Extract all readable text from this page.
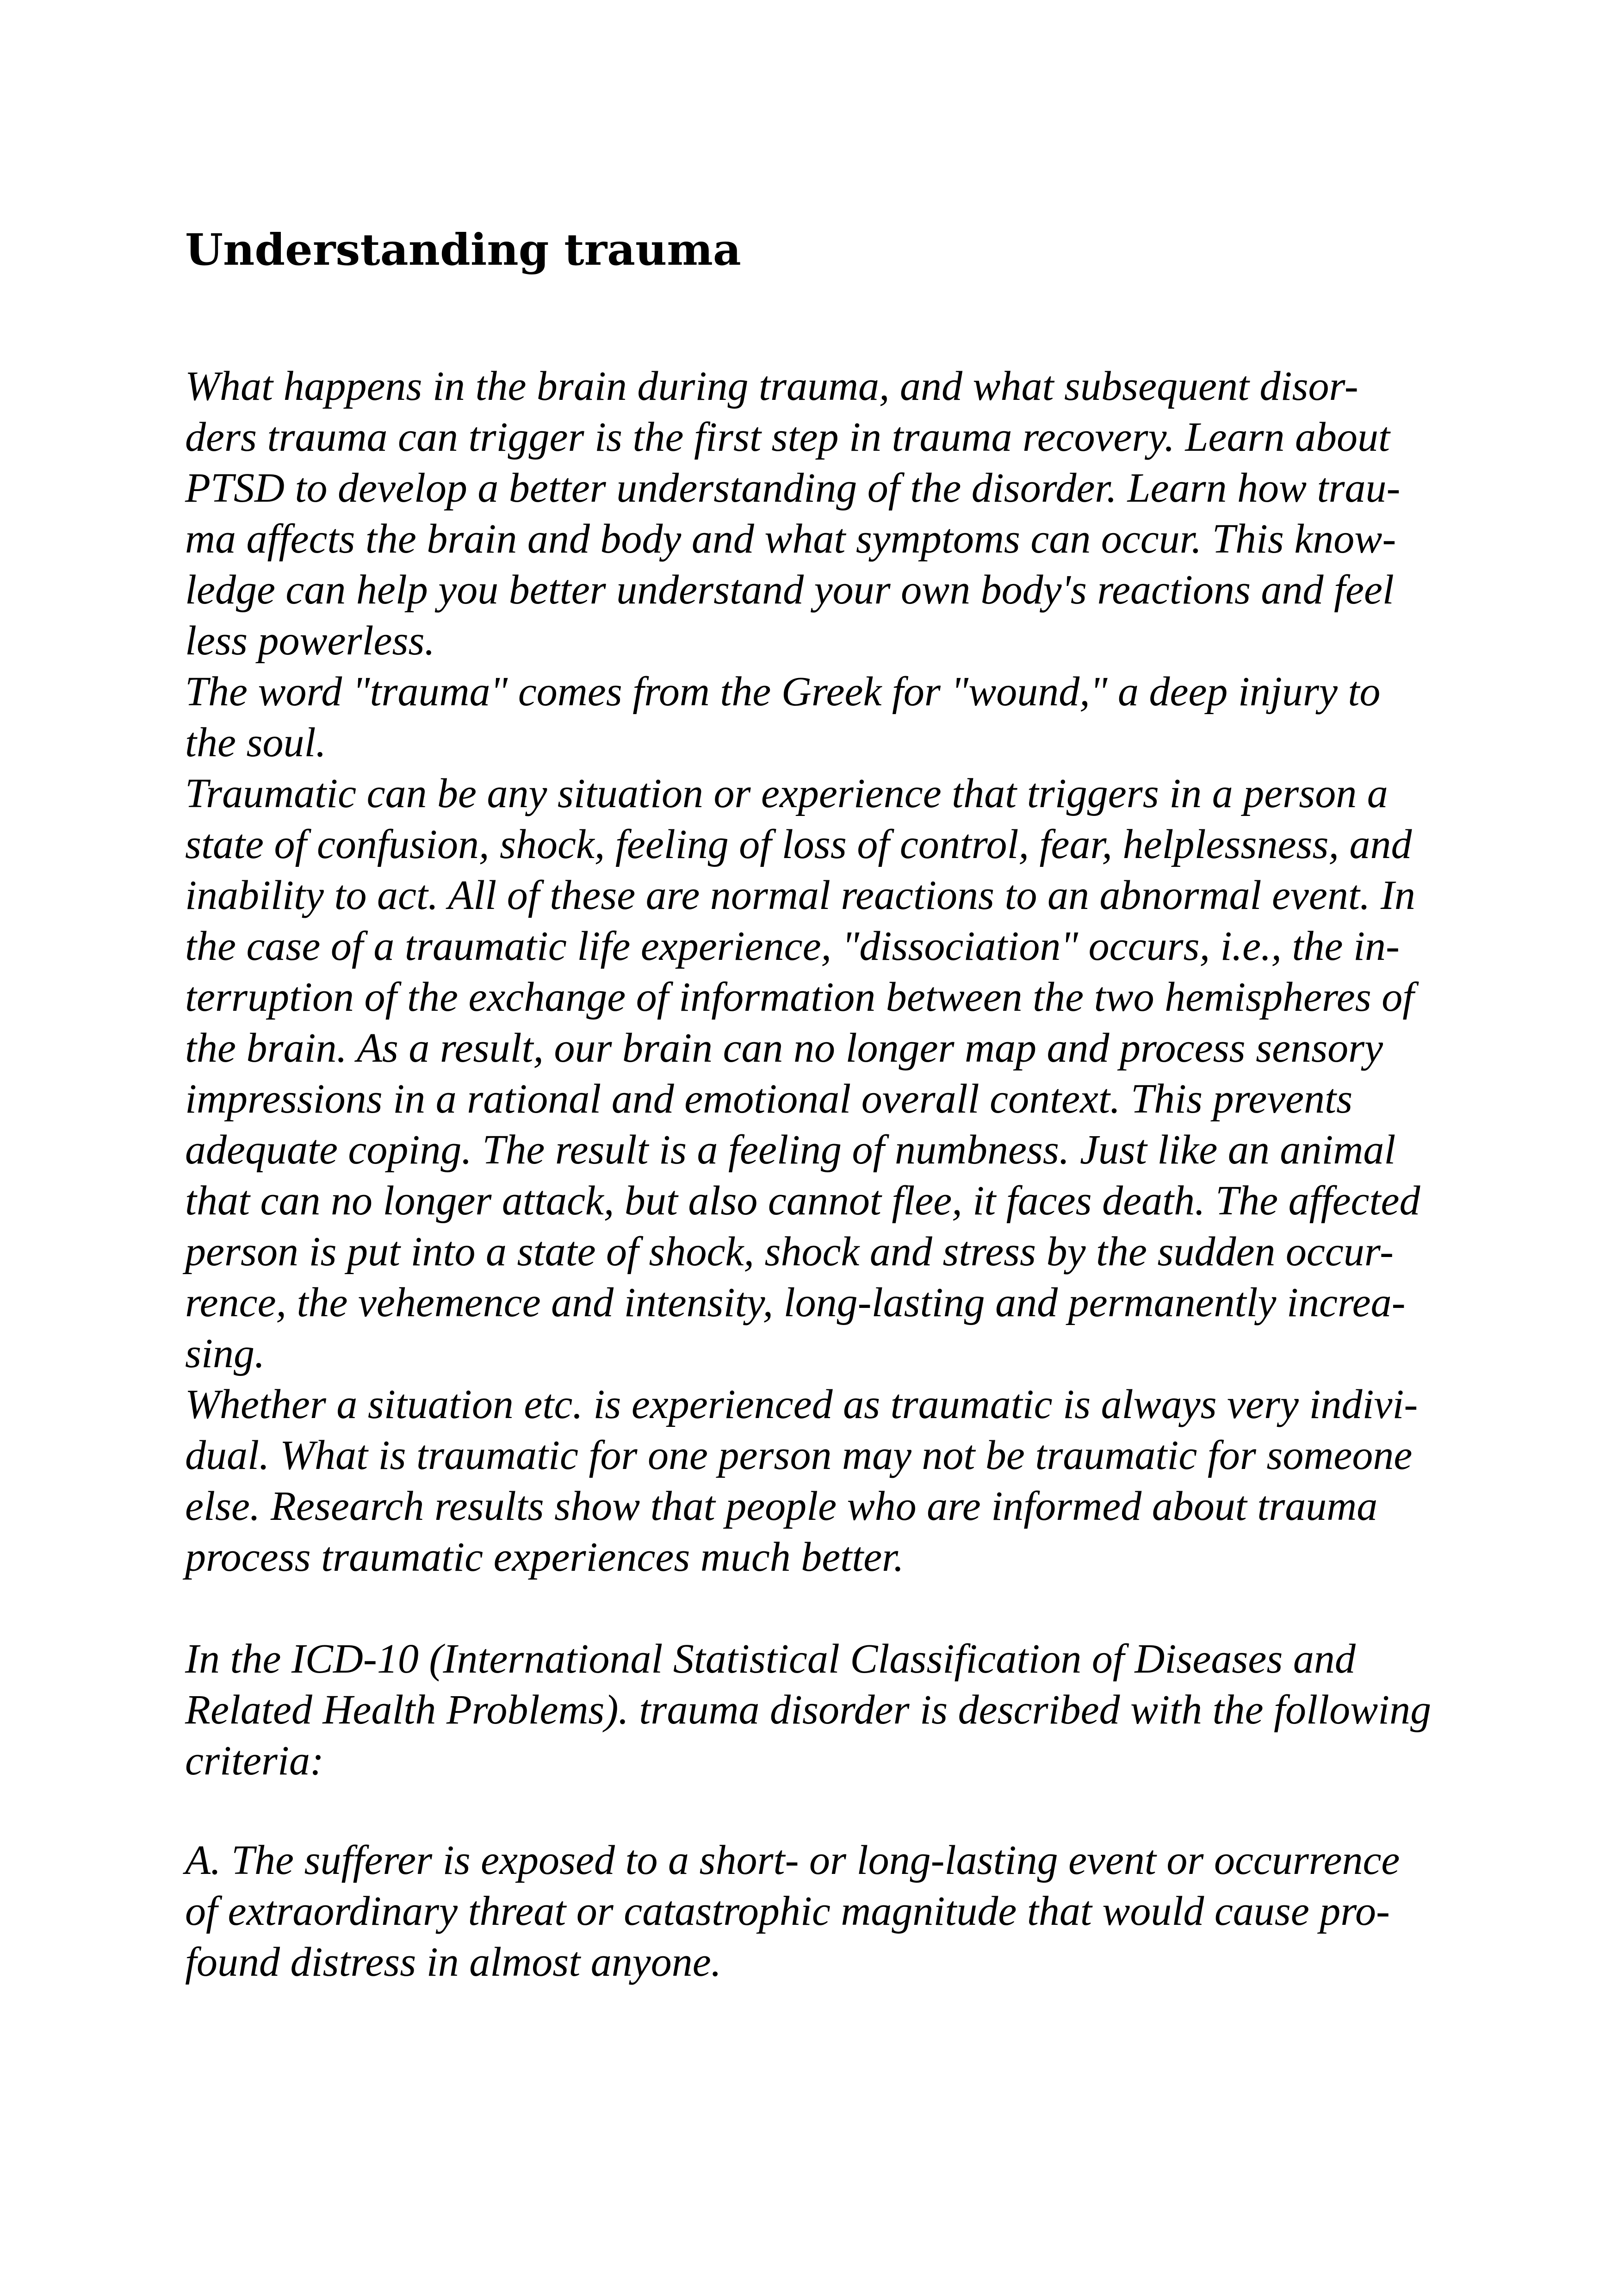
Understanding trauma

What happens in the brain during trauma, and what subsequent disor-
ders trauma can trigger is the first step in trauma recovery. Learn about
PTSD to develop a better understanding of the disorder. Learn how trau-
ma affects the brain and body and what symptoms can occur. This know-
ledge can help you better understand your own body's reactions and feel
less powerless.
The word "trauma" comes from the Greek for "wound," a deep injury to
the soul.
Traumatic can be any situation or experience that triggers in a person a
state of confusion, shock, feeling of loss of control, fear, helplessness, and
inability to act. All of these are normal reactions to an abnormal event. In
the case of a traumatic life experience, "dissociation" occurs, i.e., the in-
terruption of the exchange of information between the two hemispheres of
the brain. As a result, our brain can no longer map and process sensory
impressions in a rational and emotional overall context. This prevents
adequate coping. The result is a feeling of numbness. Just like an animal
that can no longer attack, but also cannot flee, it faces death. The affected
person is put into a state of shock, shock and stress by the sudden occur-
rence, the vehemence and intensity, long-lasting and permanently increa-
sing.
Whether a situation etc. is experienced as traumatic is always very indivi-
dual. What is traumatic for one person may not be traumatic for someone
else. Research results show that people who are informed about trauma
process traumatic experiences much better.

In the ICD-10 (International Statistical Classification of Diseases and
Related Health Problems). trauma disorder is described with the following
criteria:

A. The sufferer is exposed to a short- or long-lasting event or occurrence
of extraordinary threat or catastrophic magnitude that would cause pro-
found distress in almost anyone.
